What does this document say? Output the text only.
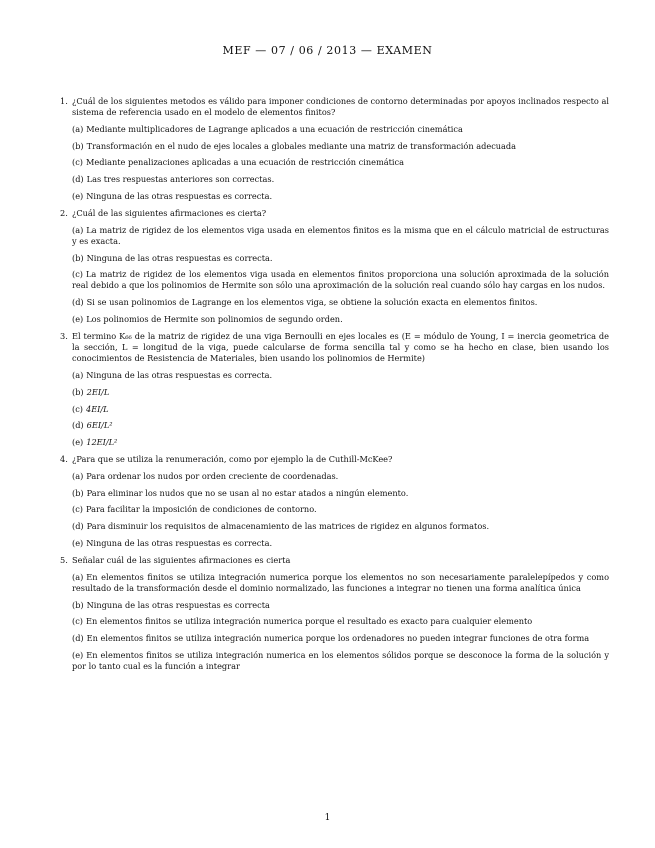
MEF — 07 / 06 / 2013 — EXAMEN
1. ¿Cuál de los siguientes metodos es válido para imponer condiciones de contorno determinadas por apoyos inclinados respecto al sistema de referencia usado en el modelo de elementos finitos?
(a) Mediante multiplicadores de Lagrange aplicados a una ecuación de restricción cinemática
(b) Transformación en el nudo de ejes locales a globales mediante una matriz de transformación adecuada
(c) Mediante penalizaciones aplicadas a una ecuación de restricción cinemática
(d) Las tres respuestas anteriores son correctas.
(e) Ninguna de las otras respuestas es correcta.
2. ¿Cuál de las siguientes afirmaciones es cierta?
(a) La matriz de rigidez de los elementos viga usada en elementos finitos es la misma que en el cálculo matricial de estructuras y es exacta.
(b) Ninguna de las otras respuestas es correcta.
(c) La matriz de rigidez de los elementos viga usada en elementos finitos proporciona una solución aproximada de la solución real debido a que los polinomios de Hermite son sólo una aproximación de la solución real cuando sólo hay cargas en los nudos.
(d) Si se usan polinomios de Lagrange en los elementos viga, se obtiene la solución exacta en elementos finitos.
(e) Los polinomios de Hermite son polinomios de segundo orden.
3. El termino K₆₆ de la matriz de rigidez de una viga Bernoulli en ejes locales es (E = módulo de Young, I = inercia geometrica de la sección, L = longitud de la viga, puede calcularse de forma sencilla tal y como se ha hecho en clase, bien usando los conocimientos de Resistencia de Materiales, bien usando los polinomios de Hermite)
(a) Ninguna de las otras respuestas es correcta.
(b) 2EI/L
(c) 4EI/L
(d) 6EI/L²
(e) 12EI/L²
4. ¿Para que se utiliza la renumeración, como por ejemplo la de Cuthill-McKee?
(a) Para ordenar los nudos por orden creciente de coordenadas.
(b) Para eliminar los nudos que no se usan al no estar atados a ningún elemento.
(c) Para facilitar la imposición de condiciones de contorno.
(d) Para disminuir los requisitos de almacenamiento de las matrices de rigidez en algunos formatos.
(e) Ninguna de las otras respuestas es correcta.
5. Señalar cuál de las siguientes afirmaciones es cierta
(a) En elementos finitos se utiliza integración numerica porque los elementos no son necesariamente paralelepípedos y como resultado de la transformación desde el dominio normalizado, las funciones a integrar no tienen una forma analítica única
(b) Ninguna de las otras respuestas es correcta
(c) En elementos finitos se utiliza integración numerica porque el resultado es exacto para cualquier elemento
(d) En elementos finitos se utiliza integración numerica porque los ordenadores no pueden integrar funciones de otra forma
(e) En elementos finitos se utiliza integración numerica en los elementos sólidos porque se desconoce la forma de la solución y por lo tanto cual es la función a integrar
1
